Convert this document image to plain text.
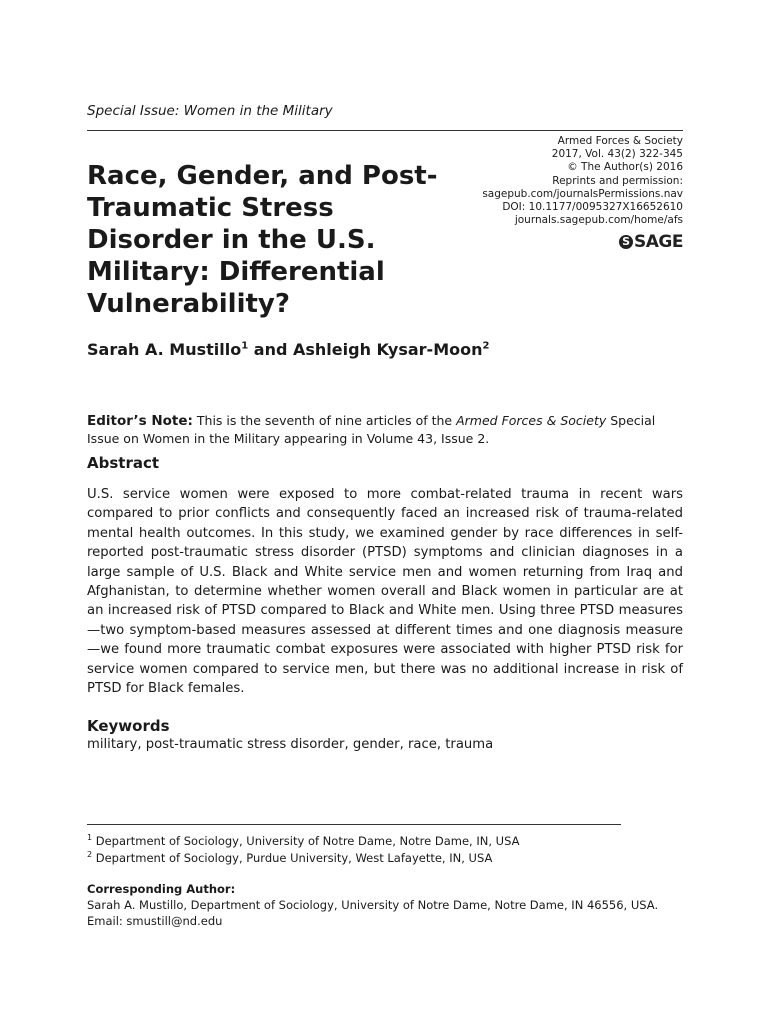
Special Issue: Women in the Military
Armed Forces & Society
2017, Vol. 43(2) 322-345
© The Author(s) 2016
Reprints and permission:
sagepub.com/journalsPermissions.nav
DOI: 10.1177/0095327X16652610
journals.sagepub.com/home/afs
S SAGE
Race, Gender, and Post-Traumatic Stress Disorder in the U.S. Military: Differential Vulnerability?
Sarah A. Mustillo$^1$ and Ashleigh Kysar-Moon$^2$
Editor’s Note: This is the seventh of nine articles of the Armed Forces & Society Special Issue on Women in the Military appearing in Volume 43, Issue 2.
Abstract

U.S. service women were exposed to more combat-related trauma in recent wars compared to prior conflicts and consequently faced an increased risk of trauma-related mental health outcomes. In this study, we examined gender by race differences in self-reported post-traumatic stress disorder (PTSD) symptoms and clinician diagnoses in a large sample of U.S. Black and White service men and women returning from Iraq and Afghanistan, to determine whether women overall and Black women in particular are at an increased risk of PTSD compared to Black and White men. Using three PTSD measures—two symptom-based measures assessed at different times and one diagnosis measure—we found more traumatic combat exposures were associated with higher PTSD risk for service women compared to service men, but there was no additional increase in risk of PTSD for Black females.

Keywords
military, post-traumatic stress disorder, gender, race, trauma
$^1$ Department of Sociology, University of Notre Dame, Notre Dame, IN, USA
$^2$ Department of Sociology, Purdue University, West Lafayette, IN, USA
Corresponding Author:
Sarah A. Mustillo, Department of Sociology, University of Notre Dame, Notre Dame, IN 46556, USA.
Email: smustill@nd.edu
